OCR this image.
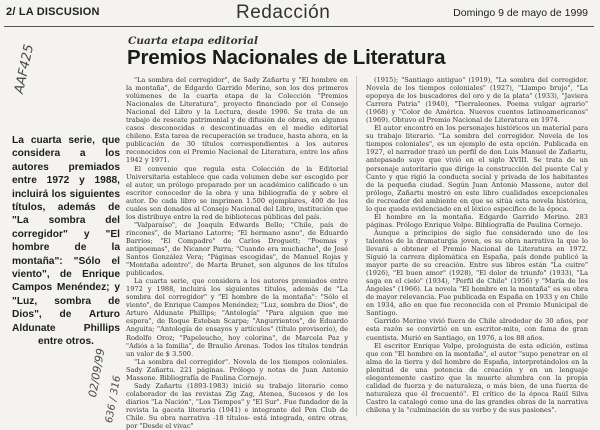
2/ LA DISCUSION	Redacción	Domingo 9 de mayo de 1999
AAF425
02/09/99
636 / 316
La cuarta serie, que considera a los autores premiados entre 1972 y 1988, incluirá los siguientes títulos, además de "La sombra del corregidor" y "El hombre de la montaña": "Sólo el viento", de Enrique Campos Menéndez; y "Luz, sombra de Dios", de Arturo Aldunate Phillips entre otros.
Cuarta etapa editorial
Premios Nacionales de Literatura

"La sombra del corregidor", de Sady Zañartu y "El hombre en la montaña", de Edgardo Garrido Merino, son los dos primeros volúmenes de la cuarta etapa de la Colección "Premios Nacionales de Literatura", proyecto financiado por el Consejo Nacional del Libro y la Lectura, desde 1996. Se trata de un trabajo de rescate patrimonial y de difusión de obras, en algunos casos desconocidas o descontinuadas en el medio editorial chileno. Esta tarea de recuperación se traduce, hasta ahora, en la publicación de 30 títulos correspondientes a los autores reconocidos con el Premio Nacional de Literatura, entre los años 1942 y 1971.

El convenio que regula esta Colección de la Editorial Universitaria establece que cada volumen debe ser escogido por el autor, un prólogo preparado por un académico calificado o un escritor conocedor de la obra y una bibliografía de y sobre el autor. De cada libro se imprimen 1.500 ejemplares, 400 de los cuales son donados al Consejo Nacional del Libro, institución que los distribuye entre la red de bibliotecas públicas del país.

"Valparaíso", de Joaquín Edwards Bello; "Chile, país de rincones", de Mariano Latorre; "El hermano asno", de Eduardo Barrios; "El Compadre" de Carlos Droguett; "Poemas y antipoemas", de Nicanor Parra; "Cuando era muchacho", de José Santos González Vera; "Páginas escogidas", de Manuel Rojas y "Montaña adentro", de Marta Brunet, son algunos de los títulos publicados.

La cuarta serie, que considera a los autores premiados entre 1972 y 1988, incluirá los siguientes títulos, además de "La sombra del corregidor" y "El hombre de la montaña": "Sólo el viento", de Enrique Campos Menéndez; "Luz, sombra de Dios", de Arturo Aldunate Phillips; "Antología" "Para alguien que me espera", de Roque Esteban Scarpa; "Angurrientos", de Eduardo Anguita; "Antología de ensayos y artículos" (título provisorio), de Rodolfo Oroz; "Papeleucho, hoy colorina", de Marcela Paz y "Adiós a la familia", de Braulio Arenas. Todos los títulos tendrán un valor de $ 3.500.

"La sombra del corregidor". Novela de los tiempos coloniales. Sady Zañartu. 221 páginas. Prólogo y notas de Juan Antonio Massone. Bibliografía de Paulina Cornejo.

Sady Zañartu (1893-1983) inició su trabajo literario como colaborador de las revistas Zig Zag, Atenea, Sucesos y de los diarios "La Nación", "Los Tiempos" y "El Sur". Fue fundador de la revista la gaceta literaria (1941) e integrante del Pen Club de Chile. Su obra narrativa -18 títulos- está integrada, entre otras, por "Desde el vivac"

(1915); "Santiago antiguo" (1919), "La sombra del corregidor. Novela de los tiempos coloniales" (1927), "Llampo brujo", "La epopeya de los buscadores del oro y de la plata" (1933), "Javiera Carrera Patria" (1940), "Tierraleones. Poema vulgar agrario" (1968) y "Color de América. Nuevos cuentos latinoamericanos" (1969). Obtuvo el Premio Nacional de Literatura en 1974.

El autor encontró en los personajes históricos un material para su trabajo literario. "La sombra del corregidor. Novela de los tiempos coloniales", es un ejemplo de esta opción. Publicada en 1927, el narrador trazó un perfil de don Luis Manuel de Zañartu, antepasado suyo que vivió en el siglo XVIII. Se trata de un personaje autoritario que dirige la construcción del puente Cal y Canto y que rigió la conducta social y privada de los habitantes de la pequeña ciudad. Según Juan Antonio Massone, autor del prólogo, Zañartu mostró en este libro cualidades excepcionales de recreador del ambiente en que se sitúa esta novela histórica, lo que queda evidenciado en el léxico específico de la época.

El hombre en la montaña. Edgardo Garrido Merino. 283 páginas. Prólogo Enrique Volpe. Bibliografía de Paulina Cornejo.

Aunque a principios de siglo fue considerado uno de los talentos de la dramaturgia joven, es su obra narrativa la que lo llevará a obtener el Premio Nacional de Literatura en 1972. Siguió la carrera diplomática en España, país donde publicó la mayor parte de su creación. Entre sus libros están "La cuitre" (1926), "El buen amor" (1928), "El dolor de triunfo" (1933), "La saga en el cielo" (1934), "Perfil de Chile" (1956) y "María de los Ángeles" (1966). La novela "El hombre en la montaña" es su obra de mayor relevancia. Fue publicada en España en 1933 y en Chile en 1934, año en que fue reconocida con el Premio Municipal de Santiago.

Garrido Merino vivió fuera de Chile alrededor de 30 años, por esta razón se convirtió en un escritor-mito, con fama de gran cuentista. Murió en Santiago, en 1976, a los 88 años.

El escritor Enrique Volpe, prologuista de esta edición, estima que con "El hombre en la montaña", el autor "supo penetrar en el alma de la tierra y del hombre de España, interpretándolos en la plenitud de una potencia de creación y en un lenguaje elegantemente castizo que la muerte alumbra con la propia calidad de fuerza y de naturaleza, o más bien, de una fuerza de naturaleza que él frecuentó". El crítico de la época Raúl Silva Castro la catalogó como una de las grandes obras de la narrativa chilena y la "culminación de su verbo y de sus pasiones".
